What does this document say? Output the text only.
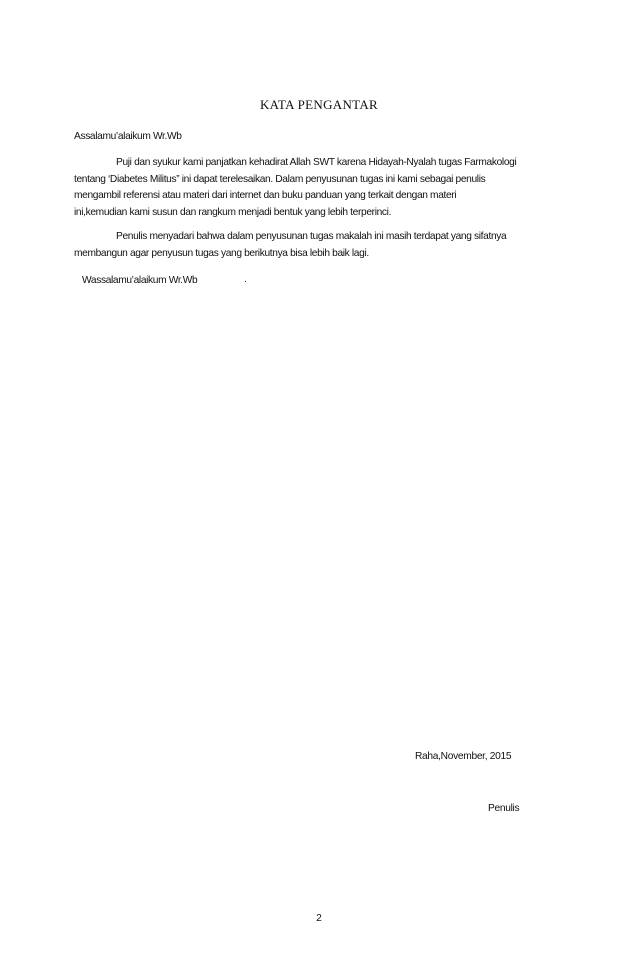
KATA PENGANTAR
Assalamu’alaikum Wr.Wb
Puji dan syukur kami panjatkan kehadirat Allah SWT karena Hidayah-Nyalah tugas Farmakologi
tentang ‘Diabetes Militus” ini dapat terelesaikan. Dalam penyusunan tugas ini kami sebagai penulis
mengambil referensi atau materi dari internet dan buku panduan yang terkait dengan materi
ini,kemudian kami susun dan rangkum menjadi bentuk yang lebih terperinci.
Penulis menyadari bahwa dalam penyusunan tugas makalah ini masih terdapat yang sifatnya
membangun agar penyusun tugas yang berikutnya bisa lebih baik lagi.
Wassalamu’alaikum Wr.Wb	.
Raha,November, 2015
Penulis
2
